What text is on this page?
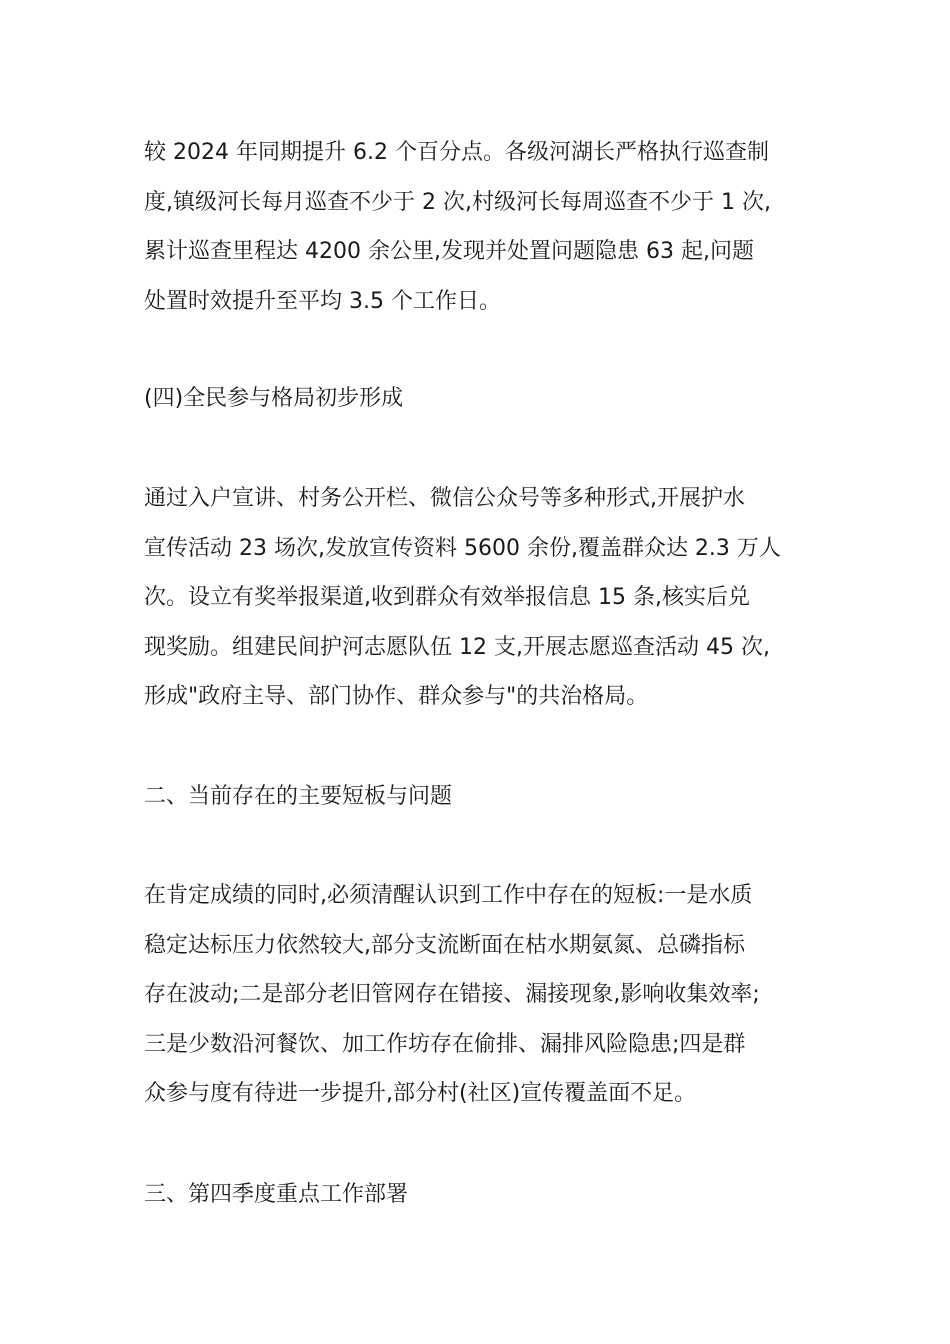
较 2024 年同期提升 6.2 个百分点。各级河湖长严格执行巡查制
度,镇级河长每月巡查不少于 2 次,村级河长每周巡查不少于 1 次,
累计巡查里程达 4200 余公里,发现并处置问题隐患 63 起,问题
处置时效提升至平均 3.5 个工作日。
(四)全民参与格局初步形成
通过入户宣讲、村务公开栏、微信公众号等多种形式,开展护水
宣传活动 23 场次,发放宣传资料 5600 余份,覆盖群众达 2.3 万人
次。设立有奖举报渠道,收到群众有效举报信息 15 条,核实后兑
现奖励。组建民间护河志愿队伍 12 支,开展志愿巡查活动 45 次,
形成"政府主导、部门协作、群众参与"的共治格局。
二、当前存在的主要短板与问题
在肯定成绩的同时,必须清醒认识到工作中存在的短板:一是水质
稳定达标压力依然较大,部分支流断面在枯水期氨氮、总磷指标
存在波动;二是部分老旧管网存在错接、漏接现象,影响收集效率;
三是少数沿河餐饮、加工作坊存在偷排、漏排风险隐患;四是群
众参与度有待进一步提升,部分村(社区)宣传覆盖面不足。
三、第四季度重点工作部署
